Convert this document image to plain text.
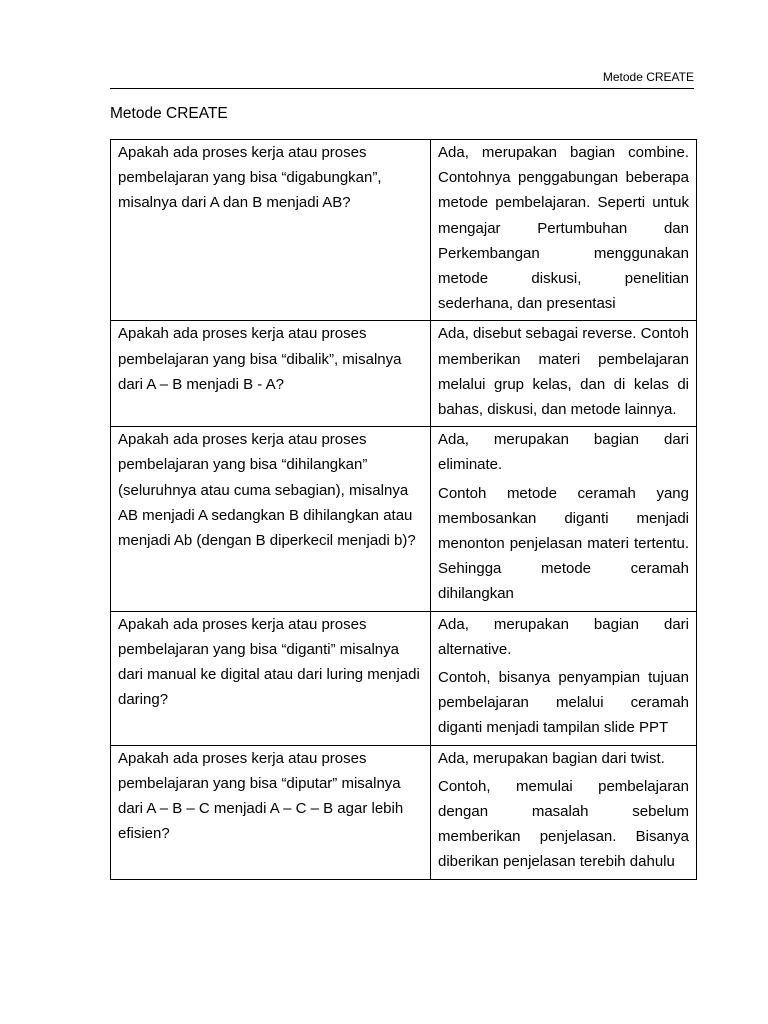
Metode CREATE
Metode CREATE

Apakah ada proses kerja atau proses pembelajaran yang bisa “digabungkan”, misalnya dari A dan B menjadi AB?	Ada, merupakan bagian combine. Contohnya penggabungan beberapa metode pembelajaran. Seperti untuk mengajar Pertumbuhan dan Perkembangan menggunakan metode diskusi, penelitian sederhana, dan presentasi

Apakah ada proses kerja atau proses pembelajaran yang bisa “dibalik”, misalnya dari A – B menjadi B - A?	Ada, disebut sebagai reverse. Contoh memberikan materi pembelajaran melalui grup kelas, dan di kelas di bahas, diskusi, dan metode lainnya.

Apakah ada proses kerja atau proses pembelajaran yang bisa “dihilangkan” (seluruhnya atau cuma sebagian), misalnya AB menjadi A sedangkan B dihilangkan atau menjadi Ab (dengan B diperkecil menjadi b)?	Ada, merupakan bagian dari eliminate.

Contoh metode ceramah yang membosankan diganti menjadi menonton penjelasan materi tertentu. Sehingga metode ceramah dihilangkan

Apakah ada proses kerja atau proses pembelajaran yang bisa “diganti” misalnya dari manual ke digital atau dari luring menjadi daring?	Ada, merupakan bagian dari alternative.

Contoh, bisanya penyampian tujuan pembelajaran melalui ceramah diganti menjadi tampilan slide PPT

Apakah ada proses kerja atau proses pembelajaran yang bisa “diputar” misalnya dari A – B – C menjadi A – C – B agar lebih efisien?	Ada, merupakan bagian dari twist.

Contoh, memulai pembelajaran dengan masalah sebelum memberikan penjelasan. Bisanya diberikan penjelasan terebih dahulu
